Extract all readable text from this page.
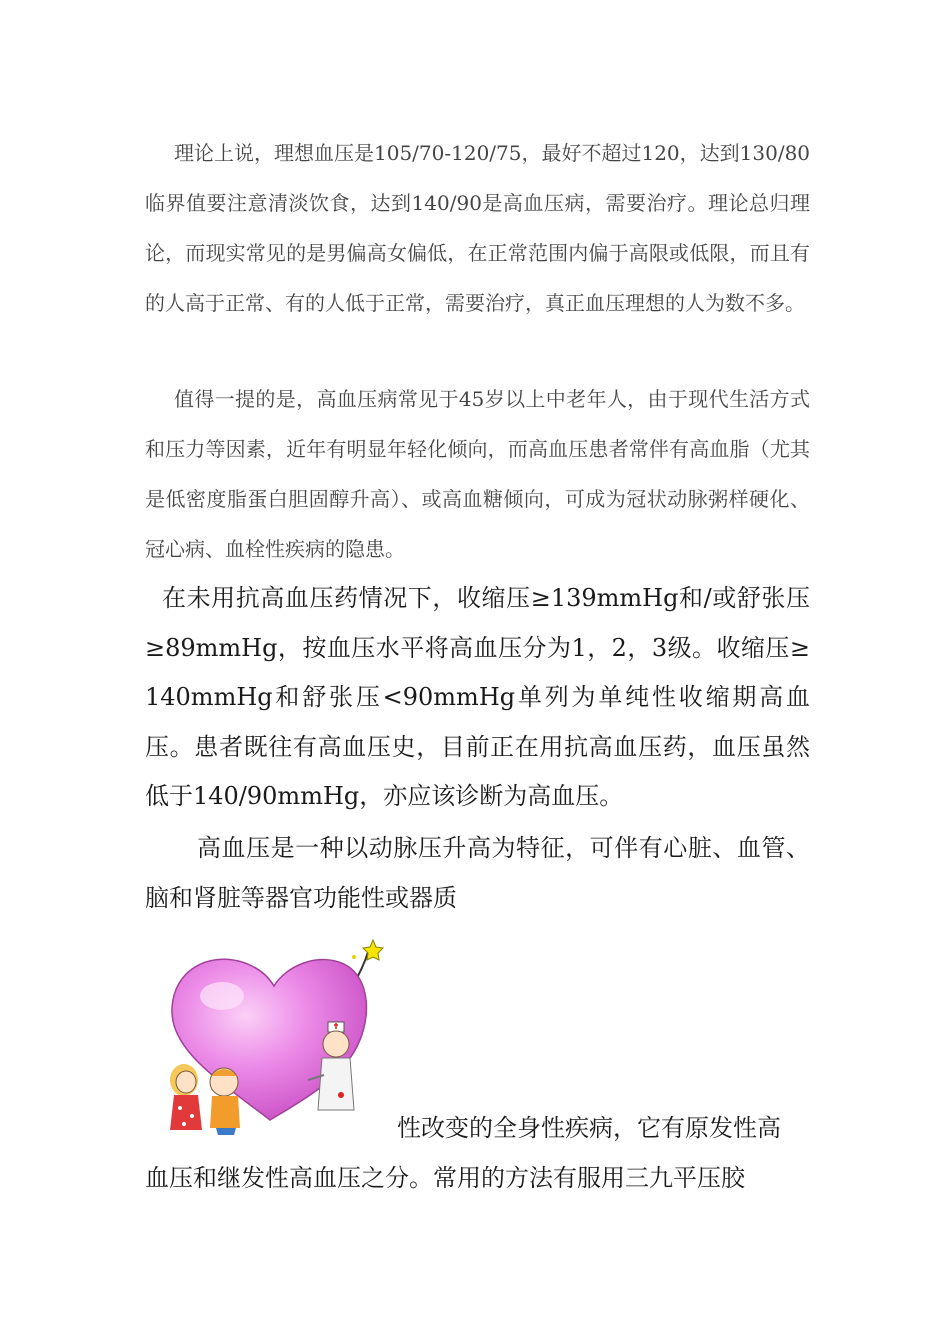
理论上说，理想血压是105/70-120/75，最好不超过120，达到130/80临界值要注意清淡饮食，达到140/90是高血压病，需要治疗。理论总归理论，而现实常见的是男偏高女偏低，在正常范围内偏于高限或低限，而且有的人高于正常、有的人低于正常，需要治疗，真正血压理想的人为数不多。

值得一提的是，高血压病常见于45岁以上中老年人，由于现代生活方式和压力等因素，近年有明显年轻化倾向，而高血压患者常伴有高血脂（尤其是低密度脂蛋白胆固醇升高）、或高血糖倾向，可成为冠状动脉粥样硬化、冠心病、血栓性疾病的隐患。

在未用抗高血压药情况下，收缩压≥139mmHg和/或舒张压≥89mmHg，按血压水平将高血压分为1，2，3级。收缩压≥140mmHg和舒张压<90mmHg单列为单纯性收缩期高血压。患者既往有高血压史，目前正在用抗高血压药，血压虽然低于140/90mmHg，亦应该诊断为高血压。

高血压是一种以动脉压升高为特征，可伴有心脏、血管、脑和肾脏等器官功能性或器质

性改变的全身性疾病，它有原发性高
血压和继发性高血压之分。常用的方法有服用三九平压胶
